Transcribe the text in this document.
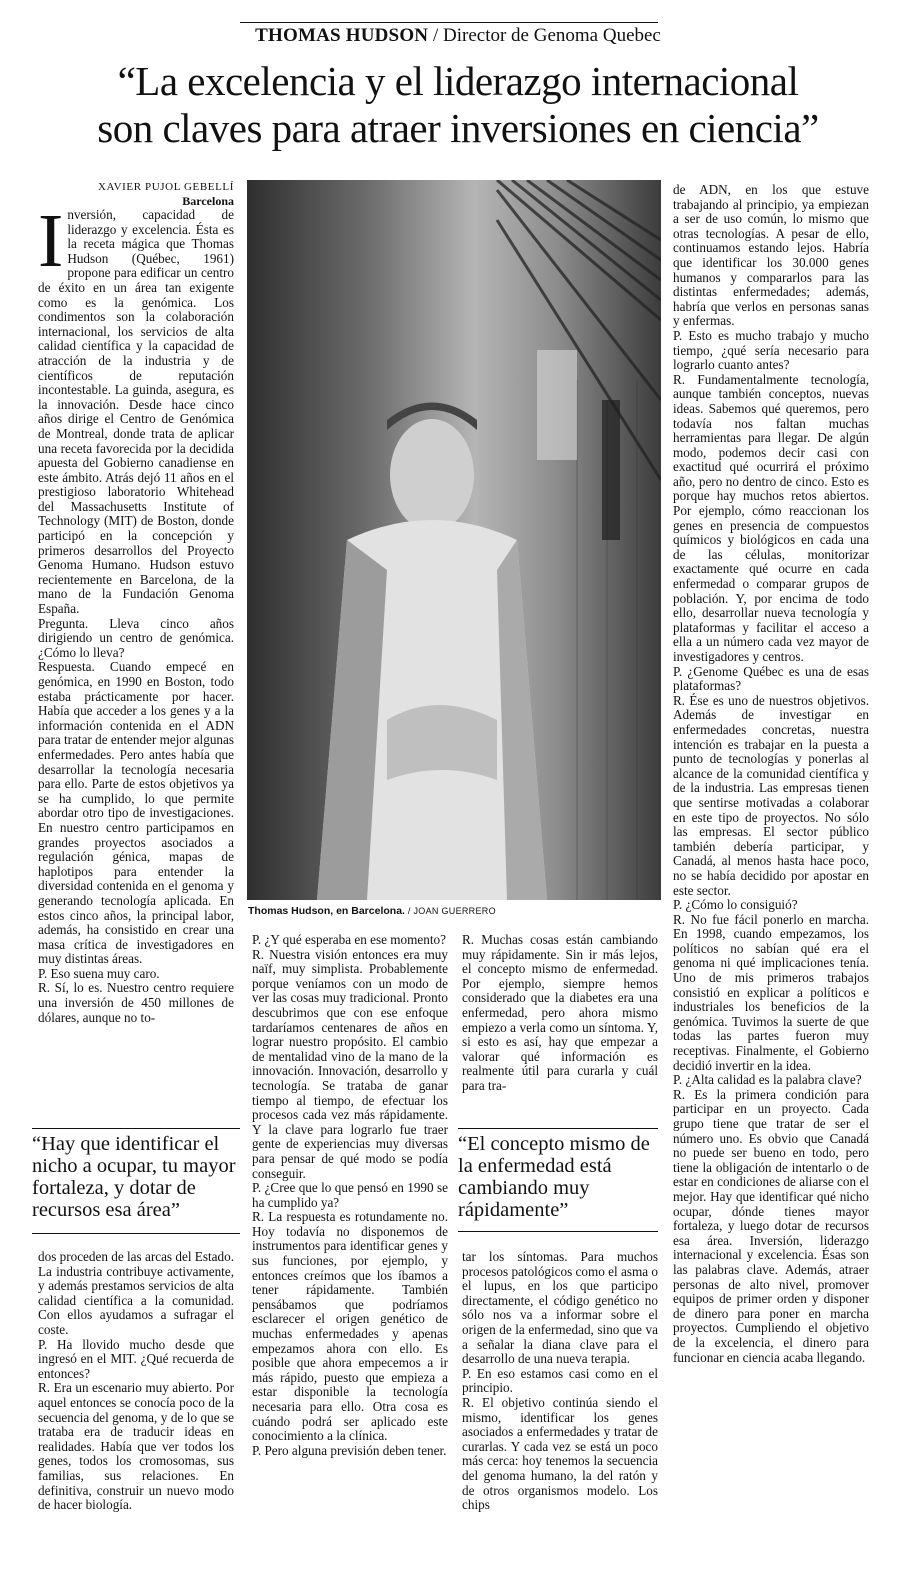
THOMAS HUDSON / Director de Genoma Quebec
“La excelencia y el liderazgo internacional
son claves para atraer inversiones en ciencia”
XAVIER PUJOL GEBELLÍ
Barcelona
I nversión, capacidad de liderazgo y excelencia. Ésta es la receta mágica que Thomas Hudson (Québec, 1961) propone para edificar un centro de éxito en un área tan exigente como es la genómica. Los condimentos son la colaboración internacional, los servicios de alta calidad científica y la capacidad de atracción de la industria y de científicos de reputación incontestable. La guinda, asegura, es la innovación. Desde hace cinco años dirige el Centro de Genómica de Montreal, donde trata de aplicar una receta favorecida por la decidida apuesta del Gobierno canadiense en este ámbito. Atrás dejó 11 años en el prestigioso laboratorio Whitehead del Massachusetts Institute of Technology (MIT) de Boston, donde participó en la concepción y primeros desarrollos del Proyecto Genoma Humano. Hudson estuvo recientemente en Barcelona, de la mano de la Fundación Genoma España.

Pregunta. Lleva cinco años dirigiendo un centro de genómica. ¿Cómo lo lleva?

Respuesta. Cuando empecé en genómica, en 1990 en Boston, todo estaba prácticamente por hacer. Había que acceder a los genes y a la información contenida en el ADN para tratar de entender mejor algunas enfermedades. Pero antes había que desarrollar la tecnología necesaria para ello. Parte de estos objetivos ya se ha cumplido, lo que permite abordar otro tipo de investigaciones. En nuestro centro participamos en grandes proyectos asociados a regulación génica, mapas de haplotipos para entender la diversidad contenida en el genoma y generando tecnología aplicada. En estos cinco años, la principal labor, además, ha consistido en crear una masa crítica de investigadores en muy distintas áreas.

P. Eso suena muy caro.

R. Sí, lo es. Nuestro centro requiere una inversión de 450 millones de dólares, aunque no to-

Thomas Hudson, en Barcelona. / JOAN GUERRERO

P. ¿Y qué esperaba en ese momento?

R. Nuestra visión entonces era muy naïf, muy simplista. Probablemente porque veníamos con un modo de ver las cosas muy tradicional. Pronto descubrimos que con ese enfoque tardaríamos centenares de años en lograr nuestro propósito. El cambio de mentalidad vino de la mano de la innovación. Innovación, desarrollo y tecnología. Se trataba de ganar tiempo al tiempo, de efectuar los procesos cada vez más rápidamente. Y la clave para lograrlo fue traer gente de experiencias muy diversas para pensar de qué modo se podía conseguir.

P. ¿Cree que lo que pensó en 1990 se ha cumplido ya?

R. La respuesta es rotundamente no. Hoy todavía no disponemos de instrumentos para identificar genes y sus funciones, por ejemplo, y entonces creímos que los íbamos a tener rápidamente. También pensábamos que podríamos esclarecer el origen genético de muchas enfermedades y apenas empezamos ahora con ello. Es posible que ahora empecemos a ir más rápido, puesto que empieza a estar disponible la tecnología necesaria para ello. Otra cosa es cuándo podrá ser aplicado este conocimiento a la clínica.

P. Pero alguna previsión deben tener.

R. Muchas cosas están cambiando muy rápidamente. Sin ir más lejos, el concepto mismo de enfermedad. Por ejemplo, siempre hemos considerado que la diabetes era una enfermedad, pero ahora mismo empiezo a verla como un síntoma. Y, si esto es así, hay que empezar a valorar qué información es realmente útil para curarla y cuál para tra-

“Hay que identificar el nicho a ocupar, tu mayor fortaleza, y dotar de recursos esa área”
“El concepto mismo de la enfermedad está cambiando muy rápidamente”

dos proceden de las arcas del Estado. La industria contribuye activamente, y además prestamos servicios de alta calidad científica a la comunidad. Con ellos ayudamos a sufragar el coste.

P. Ha llovido mucho desde que ingresó en el MIT. ¿Qué recuerda de entonces?

R. Era un escenario muy abierto. Por aquel entonces se conocía poco de la secuencia del genoma, y de lo que se trataba era de traducir ideas en realidades. Había que ver todos los genes, todos los cromosomas, sus familias, sus relaciones. En definitiva, construir un nuevo modo de hacer biología.

tar los síntomas. Para muchos procesos patológicos como el asma o el lupus, en los que participo directamente, el código genético no sólo nos va a informar sobre el origen de la enfermedad, sino que va a señalar la diana clave para el desarrollo de una nueva terapia.

P. En eso estamos casi como en el principio.

R. El objetivo continúa siendo el mismo, identificar los genes asociados a enfermedades y tratar de curarlas. Y cada vez se está un poco más cerca: hoy tenemos la secuencia del genoma humano, la del ratón y de otros organismos modelo. Los chips

de ADN, en los que estuve trabajando al principio, ya empiezan a ser de uso común, lo mismo que otras tecnologías. A pesar de ello, continuamos estando lejos. Habría que identificar los 30.000 genes humanos y compararlos para las distintas enfermedades; además, habría que verlos en personas sanas y enfermas.

P. Esto es mucho trabajo y mucho tiempo, ¿qué sería necesario para lograrlo cuanto antes?

R. Fundamentalmente tecnología, aunque también conceptos, nuevas ideas. Sabemos qué queremos, pero todavía nos faltan muchas herramientas para llegar. De algún modo, podemos decir casi con exactitud qué ocurrirá el próximo año, pero no dentro de cinco. Esto es porque hay muchos retos abiertos. Por ejemplo, cómo reaccionan los genes en presencia de compuestos químicos y biológicos en cada una de las células, monitorizar exactamente qué ocurre en cada enfermedad o comparar grupos de población. Y, por encima de todo ello, desarrollar nueva tecnología y plataformas y facilitar el acceso a ella a un número cada vez mayor de investigadores y centros.

P. ¿Genome Québec es una de esas plataformas?

R. Ése es uno de nuestros objetivos. Además de investigar en enfermedades concretas, nuestra intención es trabajar en la puesta a punto de tecnologías y ponerlas al alcance de la comunidad científica y de la industria. Las empresas tienen que sentirse motivadas a colaborar en este tipo de proyectos. No sólo las empresas. El sector público también debería participar, y Canadá, al menos hasta hace poco, no se había decidido por apostar en este sector.

P. ¿Cómo lo consiguió?

R. No fue fácil ponerlo en marcha. En 1998, cuando empezamos, los políticos no sabían qué era el genoma ni qué implicaciones tenía. Uno de mis primeros trabajos consistió en explicar a políticos e industriales los beneficios de la genómica. Tuvimos la suerte de que todas las partes fueron muy receptivas. Finalmente, el Gobierno decidió invertir en la idea.

P. ¿Alta calidad es la palabra clave?

R. Es la primera condición para participar en un proyecto. Cada grupo tiene que tratar de ser el número uno. Es obvio que Canadá no puede ser bueno en todo, pero tiene la obligación de intentarlo o de estar en condiciones de aliarse con el mejor. Hay que identificar qué nicho ocupar, dónde tienes mayor fortaleza, y luego dotar de recursos esa área. Inversión, liderazgo internacional y excelencia. Ésas son las palabras clave. Además, atraer personas de alto nivel, promover equipos de primer orden y disponer de dinero para poner en marcha proyectos. Cumpliendo el objetivo de la excelencia, el dinero para funcionar en ciencia acaba llegando.
